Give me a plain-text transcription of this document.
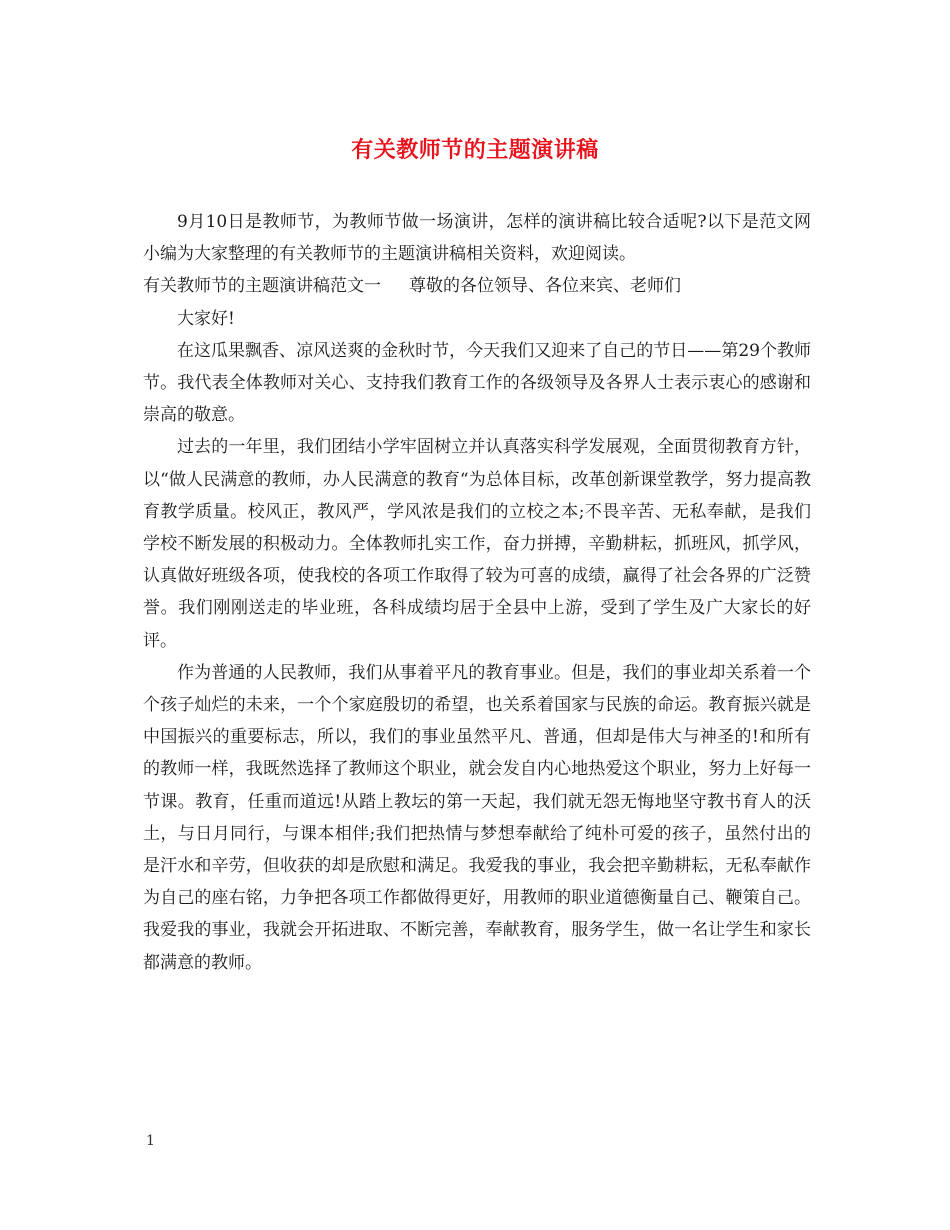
有关教师节的主题演讲稿

9月10日是教师节，为教师节做一场演讲，怎样的演讲稿比较合适呢?以下是范文网小编为大家整理的有关教师节的主题演讲稿相关资料，欢迎阅读。

有关教师节的主题演讲稿范文一 尊敬的各位领导、各位来宾、老师们

大家好!

在这瓜果飘香、凉风送爽的金秋时节，今天我们又迎来了自己的节日——第29个教师节。我代表全体教师对关心、支持我们教育工作的各级领导及各界人士表示衷心的感谢和崇高的敬意。

过去的一年里，我们团结小学牢固树立并认真落实科学发展观，全面贯彻教育方针，以“做人民满意的教师，办人民满意的教育“为总体目标，改革创新课堂教学，努力提高教育教学质量。校风正，教风严，学风浓是我们的立校之本;不畏辛苦、无私奉献，是我们学校不断发展的积极动力。全体教师扎实工作，奋力拼搏，辛勤耕耘，抓班风，抓学风，认真做好班级各项，使我校的各项工作取得了较为可喜的成绩，赢得了社会各界的广泛赞誉。我们刚刚送走的毕业班，各科成绩均居于全县中上游，受到了学生及广大家长的好评。

作为普通的人民教师，我们从事着平凡的教育事业。但是，我们的事业却关系着一个个孩子灿烂的未来，一个个家庭殷切的希望，也关系着国家与民族的命运。教育振兴就是中国振兴的重要标志，所以，我们的事业虽然平凡、普通，但却是伟大与神圣的!和所有的教师一样，我既然选择了教师这个职业，就会发自内心地热爱这个职业，努力上好每一节课。教育，任重而道远!从踏上教坛的第一天起，我们就无怨无悔地坚守教书育人的沃土，与日月同行，与课本相伴;我们把热情与梦想奉献给了纯朴可爱的孩子，虽然付出的是汗水和辛劳，但收获的却是欣慰和满足。我爱我的事业，我会把辛勤耕耘，无私奉献作为自己的座右铭，力争把各项工作都做得更好，用教师的职业道德衡量自己、鞭策自己。我爱我的事业，我就会开拓进取、不断完善，奉献教育，服务学生，做一名让学生和家长都满意的教师。

1
